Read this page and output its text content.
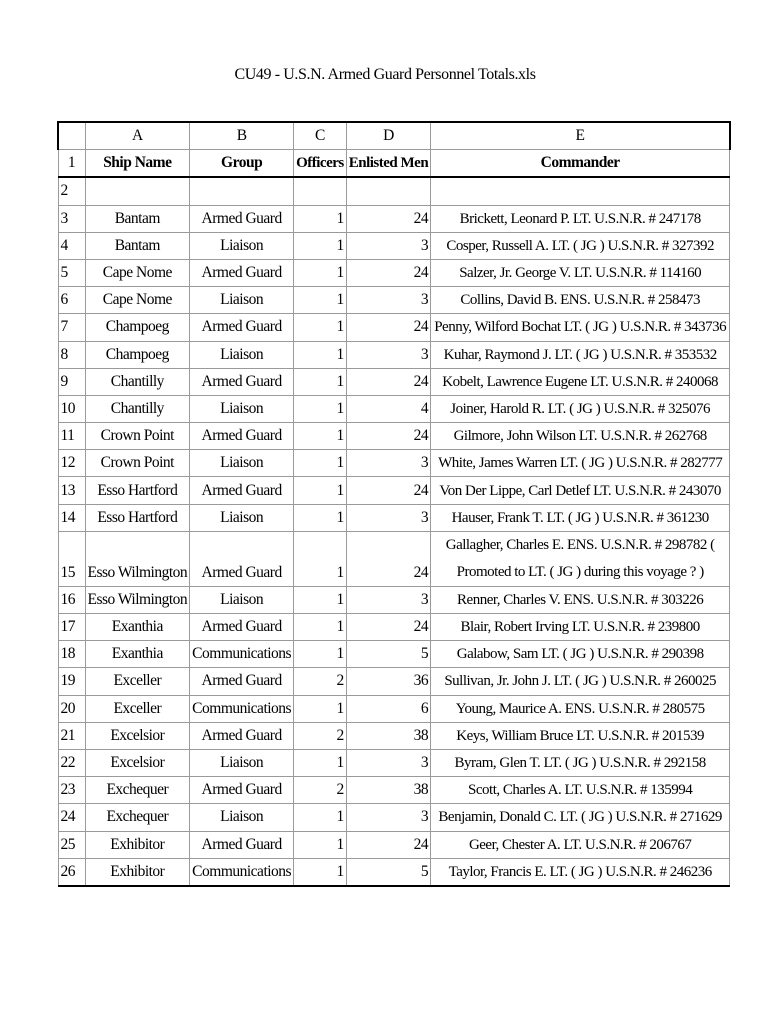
CU49 - U.S.N. Armed Guard Personnel Totals.xls
	A	B	C	D	E
1	Ship Name	Group	Officers	Enlisted Men	Commander
2					
3	Bantam	Armed Guard	1	24	Brickett, Leonard P. LT. U.S.N.R. # 247178
4	Bantam	Liaison	1	3	Cosper, Russell A. LT. ( JG ) U.S.N.R. # 327392
5	Cape Nome	Armed Guard	1	24	Salzer, Jr. George V. LT. U.S.N.R. # 114160
6	Cape Nome	Liaison	1	3	Collins, David B. ENS. U.S.N.R. # 258473
7	Champoeg	Armed Guard	1	24	Penny, Wilford Bochat LT. ( JG ) U.S.N.R. # 343736
8	Champoeg	Liaison	1	3	Kuhar, Raymond J. LT. ( JG ) U.S.N.R. # 353532
9	Chantilly	Armed Guard	1	24	Kobelt, Lawrence Eugene LT. U.S.N.R. # 240068
10	Chantilly	Liaison	1	4	Joiner, Harold R. LT. ( JG ) U.S.N.R. # 325076
11	Crown Point	Armed Guard	1	24	Gilmore, John Wilson LT. U.S.N.R. # 262768
12	Crown Point	Liaison	1	3	White, James Warren LT. ( JG ) U.S.N.R. # 282777
13	Esso Hartford	Armed Guard	1	24	Von Der Lippe, Carl Detlef LT. U.S.N.R. # 243070
14	Esso Hartford	Liaison	1	3	Hauser, Frank T. LT. ( JG ) U.S.N.R. # 361230
15	Esso Wilmington	Armed Guard	1	24	Gallagher, Charles E. ENS. U.S.N.R. # 298782 ( Promoted to LT. ( JG ) during this voyage ? )
16	Esso Wilmington	Liaison	1	3	Renner, Charles V. ENS. U.S.N.R. # 303226
17	Exanthia	Armed Guard	1	24	Blair, Robert Irving LT. U.S.N.R. # 239800
18	Exanthia	Communications	1	5	Galabow, Sam LT. ( JG ) U.S.N.R. # 290398
19	Exceller	Armed Guard	2	36	Sullivan, Jr. John J. LT. ( JG ) U.S.N.R. # 260025
20	Exceller	Communications	1	6	Young, Maurice A. ENS. U.S.N.R. # 280575
21	Excelsior	Armed Guard	2	38	Keys, William Bruce LT. U.S.N.R. # 201539
22	Excelsior	Liaison	1	3	Byram, Glen T. LT. ( JG ) U.S.N.R. # 292158
23	Exchequer	Armed Guard	2	38	Scott, Charles A. LT. U.S.N.R. # 135994
24	Exchequer	Liaison	1	3	Benjamin, Donald C. LT. ( JG ) U.S.N.R. # 271629
25	Exhibitor	Armed Guard	1	24	Geer, Chester A. LT. U.S.N.R. # 206767
26	Exhibitor	Communications	1	5	Taylor, Francis E. LT. ( JG ) U.S.N.R. # 246236
